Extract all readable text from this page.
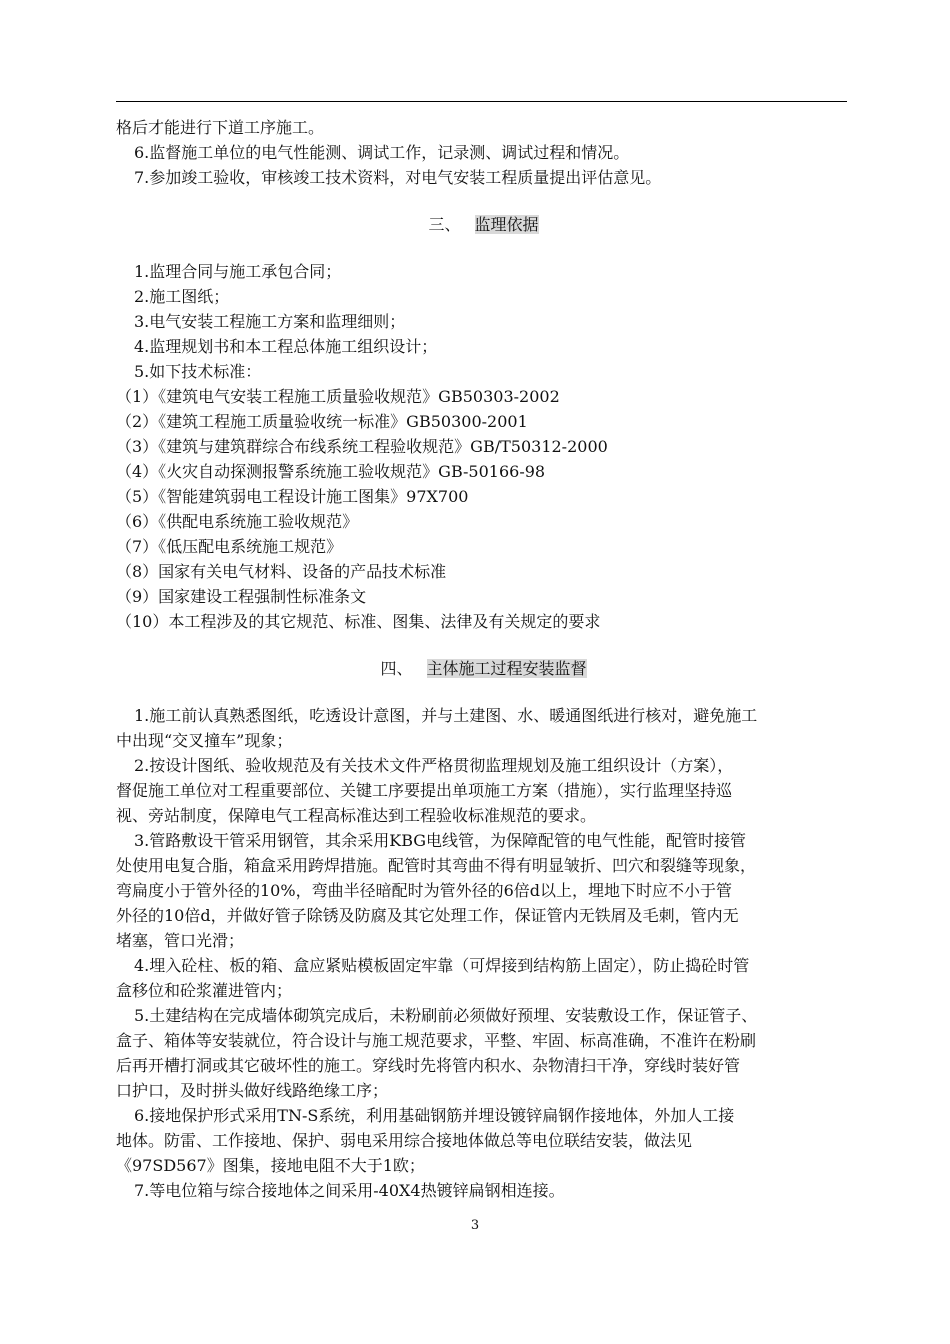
格后才能进行下道工序施工。

6.监督施工单位的电气性能测、调试工作，记录测、调试过程和情况。

7.参加竣工验收，审核竣工技术资料，对电气安装工程质量提出评估意见。

三、 监理依据

1.监理合同与施工承包合同；

2.施工图纸；

3.电气安装工程施工方案和监理细则；

4.监理规划书和本工程总体施工组织设计；

5.如下技术标准：

（1）《建筑电气安装工程施工质量验收规范》GB50303-2002

（2）《建筑工程施工质量验收统一标准》GB50300-2001

（3）《建筑与建筑群综合布线系统工程验收规范》GB/T50312-2000

（4）《火灾自动探测报警系统施工验收规范》GB-50166-98

（5）《智能建筑弱电工程设计施工图集》97X700

（6）《供配电系统施工验收规范》

（7）《低压配电系统施工规范》

（8）国家有关电气材料、设备的产品技术标准

（9）国家建设工程强制性标准条文

（10）本工程涉及的其它规范、标准、图集、法律及有关规定的要求

四、 主体施工过程安装监督

1.施工前认真熟悉图纸，吃透设计意图，并与土建图、水、暖通图纸进行核对，避免施工

中出现“交叉撞车”现象；

2.按设计图纸、验收规范及有关技术文件严格贯彻监理规划及施工组织设计（方案），

督促施工单位对工程重要部位、关键工序要提出单项施工方案（措施），实行监理坚持巡

视、旁站制度，保障电气工程高标准达到工程验收标准规范的要求。

3.管路敷设干管采用钢管，其余采用KBG电线管，为保障配管的电气性能，配管时接管

处使用电复合脂，箱盒采用跨焊措施。配管时其弯曲不得有明显皱折、凹穴和裂缝等现象，

弯扁度小于管外径的10%，弯曲半径暗配时为管外径的6倍d以上，埋地下时应不小于管

外径的10倍d，并做好管子除锈及防腐及其它处理工作，保证管内无铁屑及毛刺，管内无

堵塞，管口光滑；

4.埋入砼柱、板的箱、盒应紧贴模板固定牢靠（可焊接到结构筋上固定），防止捣砼时管

盒移位和砼浆灌进管内；

5.土建结构在完成墙体砌筑完成后，未粉刷前必须做好预埋、安装敷设工作，保证管子、

盒子、箱体等安装就位，符合设计与施工规范要求，平整、牢固、标高准确，不准许在粉刷

后再开槽打洞或其它破坏性的施工。穿线时先将管内积水、杂物清扫干净，穿线时装好管

口护口，及时拼头做好线路绝缘工序；

6.接地保护形式采用TN-S系统，利用基础钢筋并埋设镀锌扁钢作接地体，外加人工接

地体。防雷、工作接地、保护、弱电采用综合接地体做总等电位联结安装，做法见

《97SD567》图集，接地电阻不大于1欧；

7.等电位箱与综合接地体之间采用-40X4热镀锌扁钢相连接。

3
